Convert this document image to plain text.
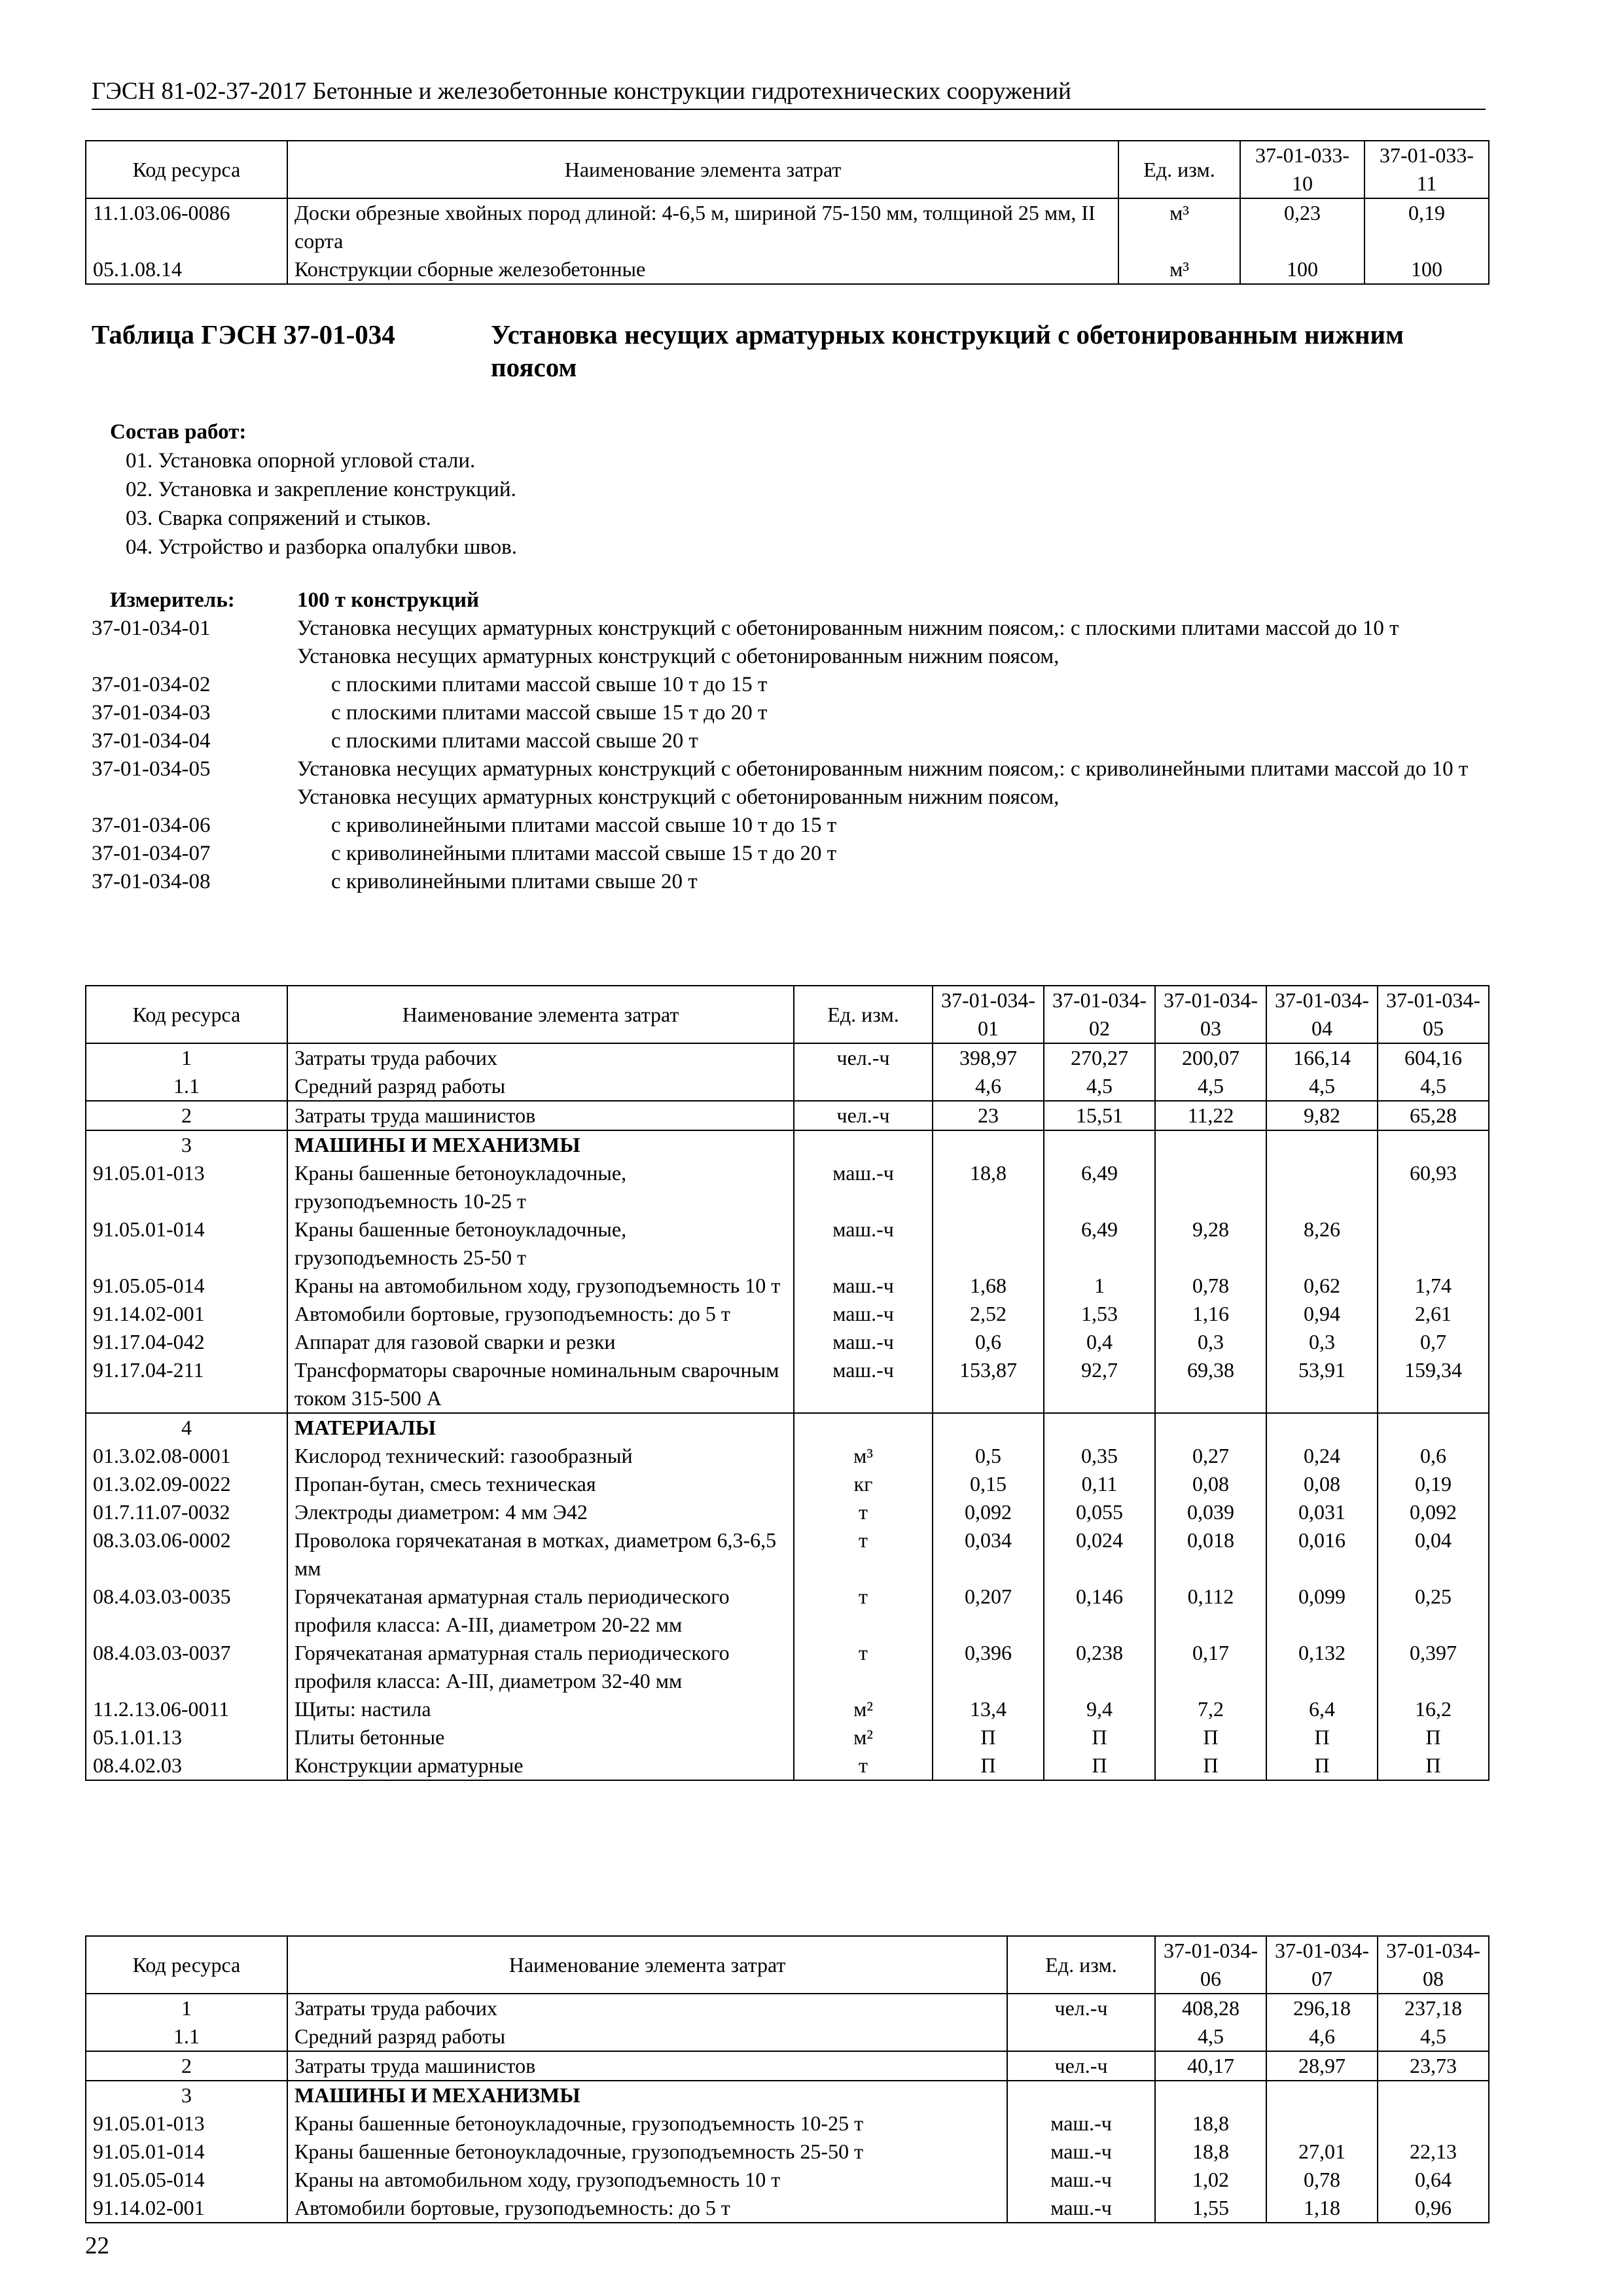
ГЭСН 81-02-37-2017 Бетонные и железобетонные конструкции гидротехнических сооружений
Код ресурса	Наименование элемента затрат	Ед. изм.	37-01-033-10	37-01-033-11
11.1.03.06-0086	Доски обрезные хвойных пород длиной: 4-6,5 м, шириной 75-150 мм, толщиной 25 мм, II сорта	м³	0,23	0,19
05.1.08.14	Конструкции сборные железобетонные	м³	100	100
Таблица ГЭСН 37-01-034	Установка несущих арматурных конструкций с обетонированным нижним поясом
Состав работ:
01. Установка опорной угловой стали.
02. Установка и закрепление конструкций.
03. Сварка сопряжений и стыков.
04. Устройство и разборка опалубки швов.
Измеритель:	100 т конструкций
37-01-034-01	Установка несущих арматурных конструкций с обетонированным нижним поясом,: с плоскими плитами массой до 10 т
Установка несущих арматурных конструкций с обетонированным нижним поясом,
37-01-034-02	с плоскими плитами массой свыше 10 т до 15 т
37-01-034-03	с плоскими плитами массой свыше 15 т до 20 т
37-01-034-04	с плоскими плитами массой свыше 20 т
37-01-034-05	Установка несущих арматурных конструкций с обетонированным нижним поясом,: с криволинейными плитами массой до 10 т
Установка несущих арматурных конструкций с обетонированным нижним поясом,
37-01-034-06	с криволинейными плитами массой свыше 10 т до 15 т
37-01-034-07	с криволинейными плитами массой свыше 15 т до 20 т
37-01-034-08	с криволинейными плитами свыше 20 т
Код ресурса	Наименование элемента затрат	Ед. изм.	37-01-034-01	37-01-034-02	37-01-034-03	37-01-034-04	37-01-034-05
1	Затраты труда рабочих	чел.-ч	398,97	270,27	200,07	166,14	604,16
1.1	Средний разряд работы		4,6	4,5	4,5	4,5	4,5
2	Затраты труда машинистов	чел.-ч	23	15,51	11,22	9,82	65,28
3	МАШИНЫ И МЕХАНИЗМЫ						
91.05.01-013	Краны башенные бетоноукладочные, грузоподъемность 10-25 т	маш.-ч	18,8	6,49			60,93
91.05.01-014	Краны башенные бетоноукладочные, грузоподъемность 25-50 т	маш.-ч		6,49	9,28	8,26	
91.05.05-014	Краны на автомобильном ходу, грузоподъемность 10 т	маш.-ч	1,68	1	0,78	0,62	1,74
91.14.02-001	Автомобили бортовые, грузоподъемность: до 5 т	маш.-ч	2,52	1,53	1,16	0,94	2,61
91.17.04-042	Аппарат для газовой сварки и резки	маш.-ч	0,6	0,4	0,3	0,3	0,7
91.17.04-211	Трансформаторы сварочные номинальным сварочным током 315-500 А	маш.-ч	153,87	92,7	69,38	53,91	159,34
4	МАТЕРИАЛЫ						
01.3.02.08-0001	Кислород технический: газообразный	м³	0,5	0,35	0,27	0,24	0,6
01.3.02.09-0022	Пропан-бутан, смесь техническая	кг	0,15	0,11	0,08	0,08	0,19
01.7.11.07-0032	Электроды диаметром: 4 мм Э42	т	0,092	0,055	0,039	0,031	0,092
08.3.03.06-0002	Проволока горячекатаная в мотках, диаметром 6,3-6,5 мм	т	0,034	0,024	0,018	0,016	0,04
08.4.03.03-0035	Горячекатаная арматурная сталь периодического профиля класса: А-III, диаметром 20-22 мм	т	0,207	0,146	0,112	0,099	0,25
08.4.03.03-0037	Горячекатаная арматурная сталь периодического профиля класса: А-III, диаметром 32-40 мм	т	0,396	0,238	0,17	0,132	0,397
11.2.13.06-0011	Щиты: настила	м²	13,4	9,4	7,2	6,4	16,2
05.1.01.13	Плиты бетонные	м²	П	П	П	П	П
08.4.02.03	Конструкции арматурные	т	П	П	П	П	П
Код ресурса	Наименование элемента затрат	Ед. изм.	37-01-034-06	37-01-034-07	37-01-034-08
1	Затраты труда рабочих	чел.-ч	408,28	296,18	237,18
1.1	Средний разряд работы		4,5	4,6	4,5
2	Затраты труда машинистов	чел.-ч	40,17	28,97	23,73
3	МАШИНЫ И МЕХАНИЗМЫ				
91.05.01-013	Краны башенные бетоноукладочные, грузоподъемность 10-25 т	маш.-ч	18,8		
91.05.01-014	Краны башенные бетоноукладочные, грузоподъемность 25-50 т	маш.-ч	18,8	27,01	22,13
91.05.05-014	Краны на автомобильном ходу, грузоподъемность 10 т	маш.-ч	1,02	0,78	0,64
91.14.02-001	Автомобили бортовые, грузоподъемность: до 5 т	маш.-ч	1,55	1,18	0,96
22
